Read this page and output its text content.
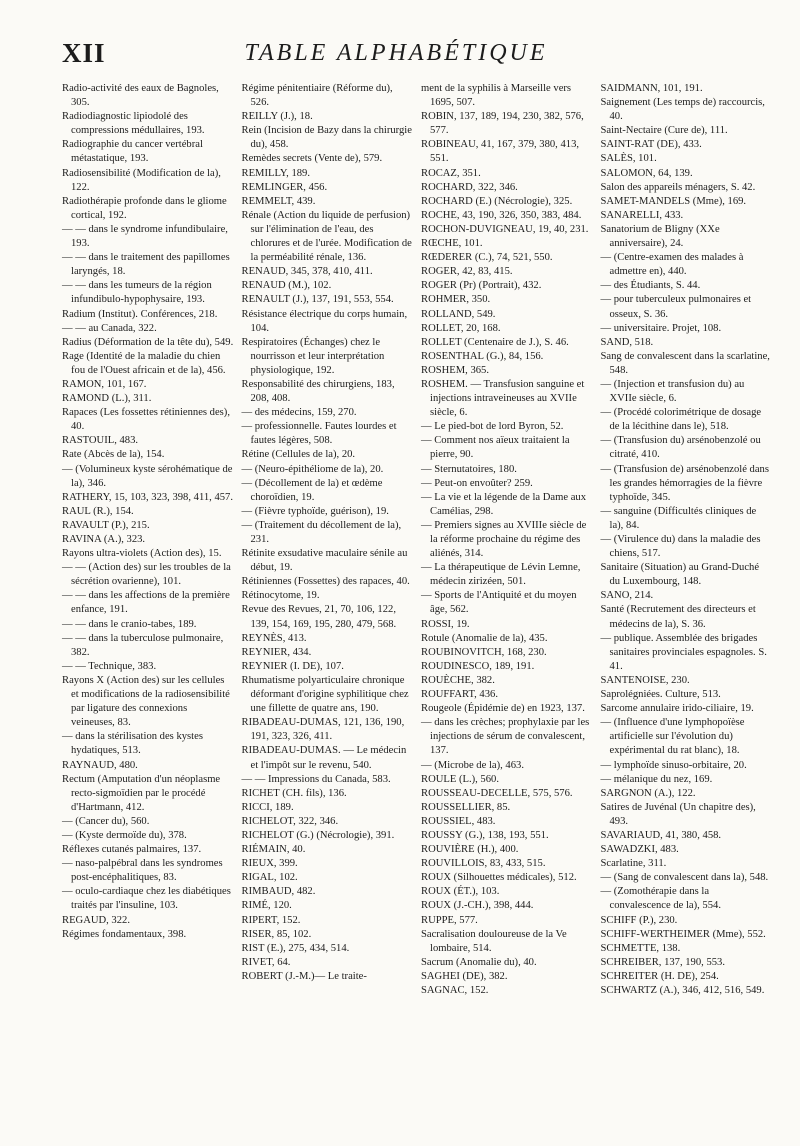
XII	TABLE ALPHABÉTIQUE
Radio-activité des eaux de Bagnoles, 305.
Radiodiagnostic lipiodolé des compressions médullaires, 193.
Radiographie du cancer vertébral métastatique, 193.
Radiosensibilité (Modification de la), 122.
Radiothérapie profonde dans le gliome cortical, 192.
— — dans le syndrome infundibulaire, 193.
— — dans le traitement des papillomes laryngés, 18.
— — dans les tumeurs de la région infundibulo-hypophysaire, 193.
Radium (Institut). Conférences, 218.
— — au Canada, 322.
Radius (Déformation de la tête du), 549.
Rage (Identité de la maladie du chien fou de l'Ouest africain et de la), 456.
RAMON, 101, 167.
RAMOND (L.), 311.
Rapaces (Les fossettes rétiniennes des), 40.
RASTOUIL, 483.
Rate (Abcès de la), 154.
— (Volumineux kyste sérohématique de la), 346.
RATHERY, 15, 103, 323, 398, 411, 457.
RAUL (R.), 154.
RAVAULT (P.), 215.
RAVINA (A.), 323.
Rayons ultra-violets (Action des), 15.
— — (Action des) sur les troubles de la sécrétion ovarienne), 101.
— — dans les affections de la première enfance, 191.
— — dans le cranio-tabes, 189.
— — dans la tuberculose pulmonaire, 382.
— — Technique, 383.
Rayons X (Action des) sur les cellules et modifications de la radiosensibilité par ligature des connexions veineuses, 83.
— dans la stérilisation des kystes hydatiques, 513.
RAYNAUD, 480.
Rectum (Amputation d'un néoplasme recto-sigmoïdien par le procédé d'Hartmann, 412.
— (Cancer du), 560.
— (Kyste dermoïde du), 378.
Réflexes cutanés palmaires, 137.
— naso-palpébral dans les syndromes post-encéphalitiques, 83.
— oculo-cardiaque chez les diabétiques traités par l'insuline, 103.
REGAUD, 322.
Régimes fondamentaux, 398.
Régime pénitentiaire (Réforme du), 526.
REILLY (J.), 18.
Rein (Incision de Bazy dans la chirurgie du), 458.
Remèdes secrets (Vente de), 579.
REMILLY, 189.
REMLINGER, 456.
REMMELT, 439.
Rénale (Action du liquide de perfusion) sur l'élimination de l'eau, des chlorures et de l'urée. Modification de la perméabilité rénale, 136.
RENAUD, 345, 378, 410, 411.
RENAUD (M.), 102.
RENAULT (J.), 137, 191, 553, 554.
Résistance électrique du corps humain, 104.
Respiratoires (Échanges) chez le nourrisson et leur interprétation physiologique, 192.
Responsabilité des chirurgiens, 183, 208, 408.
— des médecins, 159, 270.
— professionnelle. Fautes lourdes et fautes légères, 508.
Rétine (Cellules de la), 20.
— (Neuro-épithéliome de la), 20.
— (Décollement de la) et œdème choroïdien, 19.
— (Fièvre typhoïde, guérison), 19.
— (Traitement du décollement de la), 231.
Rétinite exsudative maculaire sénile au début, 19.
Rétiniennes (Fossettes) des rapaces, 40.
Rétinocytome, 19.
Revue des Revues, 21, 70, 106, 122, 139, 154, 169, 195, 280, 479, 568.
REYNÈS, 413.
REYNIER, 434.
REYNIER (I. DE), 107.
Rhumatisme polyarticulaire chronique déformant d'origine syphilitique chez une fillette de quatre ans, 190.
RIBADEAU-DUMAS, 121, 136, 190, 191, 323, 326, 411.
RIBADEAU-DUMAS. — Le médecin et l'impôt sur le revenu, 540.
— — Impressions du Canada, 583.
RICHET (CH. fils), 136.
RICCI, 189.
RICHELOT, 322, 346.
RICHELOT (G.) (Nécrologie), 391.
RIÉMAIN, 40.
RIEUX, 399.
RIGAL, 102.
RIMBAUD, 482.
RIMÉ, 120.
RIPERT, 152.
RISER, 85, 102.
RIST (E.), 275, 434, 514.
RIVET, 64.
ROBERT (J.-M.)— Le traite-
ment de la syphilis à Marseille vers 1695, 507.
ROBIN, 137, 189, 194, 230, 382, 576, 577.
ROBINEAU, 41, 167, 379, 380, 413, 551.
ROCAZ, 351.
ROCHARD, 322, 346.
ROCHARD (E.) (Nécrologie), 325.
ROCHE, 43, 190, 326, 350, 383, 484.
ROCHON-DUVIGNEAU, 19, 40, 231.
RŒCHE, 101.
RŒDERER (C.), 74, 521, 550.
ROGER, 42, 83, 415.
ROGER (Pr) (Portrait), 432.
ROHMER, 350.
ROLLAND, 549.
ROLLET, 20, 168.
ROLLET (Centenaire de J.), S. 46.
ROSENTHAL (G.), 84, 156.
ROSHEM, 365.
ROSHEM. — Transfusion sanguine et injections intraveineuses au XVIIe siècle, 6.
— Le pied-bot de lord Byron, 52.
— Comment nos aïeux traitaient la pierre, 90.
— Sternutatoires, 180.
— Peut-on envoûter? 259.
— La vie et la légende de la Dame aux Camélias, 298.
— Premiers signes au XVIIIe siècle de la réforme prochaine du régime des aliénés, 314.
— La thérapeutique de Lévin Lemne, médecin zirizéen, 501.
— Sports de l'Antiquité et du moyen âge, 562.
ROSSI, 19.
Rotule (Anomalie de la), 435.
ROUBINOVITCH, 168, 230.
ROUDINESCO, 189, 191.
ROUÈCHE, 382.
ROUFFART, 436.
Rougeole (Épidémie de) en 1923, 137.
— dans les crèches; prophylaxie par les injections de sérum de convalescent, 137.
— (Microbe de la), 463.
ROULE (L.), 560.
ROUSSEAU-DECELLE, 575, 576.
ROUSSELLIER, 85.
ROUSSIEL, 483.
ROUSSY (G.), 138, 193, 551.
ROUVIÈRE (H.), 400.
ROUVILLOIS, 83, 433, 515.
ROUX (Silhouettes médicales), 512.
ROUX (ÉT.), 103.
ROUX (J.-CH.), 398, 444.
RUPPE, 577.
Sacralisation douloureuse de la Ve lombaire, 514.
Sacrum (Anomalie du), 40.
SAGHEI (DE), 382.
SAGNAC, 152.
SAIDMANN, 101, 191.
Saignement (Les temps de) raccourcis, 40.
Saint-Nectaire (Cure de), 111.
SAINT-RAT (DE), 433.
SALÈS, 101.
SALOMON, 64, 139.
Salon des appareils ménagers, S. 42.
SAMET-MANDELS (Mme), 169.
SANARELLI, 433.
Sanatorium de Bligny (XXe anniversaire), 24.
— (Centre-examen des malades à admettre en), 440.
— des Étudiants, S. 44.
— pour tuberculeux pulmonaires et osseux, S. 36.
— universitaire. Projet, 108.
SAND, 518.
Sang de convalescent dans la scarlatine, 548.
— (Injection et transfusion du) au XVIIe siècle, 6.
— (Procédé colorimétrique de dosage de la lécithine dans le), 518.
— (Transfusion du) arsénobenzolé ou citraté, 410.
— (Transfusion de) arsénobenzolé dans les grandes hémorragies de la fièvre typhoïde, 345.
— sanguine (Difficultés cliniques de la), 84.
— (Virulence du) dans la maladie des chiens, 517.
Sanitaire (Situation) au Grand-Duché du Luxembourg, 148.
SANO, 214.
Santé (Recrutement des directeurs et médecins de la), S. 36.
— publique. Assemblée des brigades sanitaires provinciales espagnoles. S. 41.
SANTENOISE, 230.
Saprolégniées. Culture, 513.
Sarcome annulaire irido-ciliaire, 19.
— (Influence d'une lymphopoïèse artificielle sur l'évolution du) expérimental du rat blanc), 18.
— lymphoïde sinuso-orbitaire, 20.
— mélanique du nez, 169.
SARGNON (A.), 122.
Satires de Juvénal (Un chapitre des), 493.
SAVARIAUD, 41, 380, 458.
SAWADZKI, 483.
Scarlatine, 311.
— (Sang de convalescent dans la), 548.
— (Zomothérapie dans la convalescence de la), 554.
SCHIFF (P.), 230.
SCHIFF-WERTHEIMER (Mme), 552.
SCHMETTE, 138.
SCHREIBER, 137, 190, 553.
SCHREITER (H. DE), 254.
SCHWARTZ (A.), 346, 412, 516, 549.
